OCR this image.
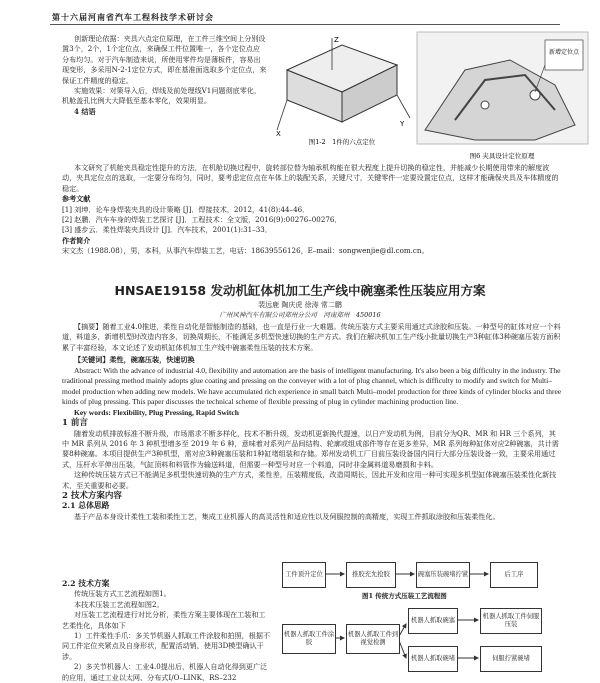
第十六届河南省汽车工程科技学术研讨会

创新理论依据：夹具六点定位原理，在工件三维空间上分别设置3个，2个，1个定位点，来确保工件位置唯一，各个定位点应分布均匀。对于汽车制造来说，所使用零件均是薄板件，容易出现变形，多采用N-2-1定位方式，即在基准面选取多个定位点，来保证工件精度的稳定。

实施效果：对策导入后，焊线及前处理线V1问题彻底零化，机舱盖孔比例大大降低至基本零化，效果明显。

4 结语

Z
X
Y
图1-2　1件的六点定位
新增定位点
图6 夹具设计定位原理

本文研究了机舱夹具稳定性提升的方法，在机舱切换过程中，旋转部位替为轴承机构能在很大程度上提升切换的稳定性，并能减少长期使用带来的解度波动，夹具定位点的选取，一定要分布均匀，同时，要考虑定位点在车体上的装配关系，关键尺寸，关键零件一定要设置定位点，这样才能确保夹具及车体精度的稳定。

参考文献

[1] 刘坤．论车身焊装夹具的设计策略 [J]．焊接技术，2012，41(8):44–46．

[2] 赵鹏．汽车车身的焊装工艺探讨 [J]．工程技术：全文版，2016(9):00276–00276．

[3] 盛步云．柔性焊装夹具设计 [J]．汽车技术，2001(1):31–33．

作者简介

宋文杰（1988.08），男，本科，从事汽车焊装工艺，电话：18639556126，E–mail：songwenjie@dl.com.cn。

HNSAE19158 发动机缸体机加工生产线中碗塞柔性压装应用方案
裴远鹿 陶庆虎 徐涛 常二鹏
广州风神汽车有限公司郑州分公司　河南郑州　450016

【摘要】随着工业4.0推进，柔性自动化是智能制造的基础，也一直是行业一大难题。传统压装方式主要采用通过式涂胶和压装。一种型号的缸体对应一个料道，料道多，新增机型时改造内容多，切换周期长，不能满足多机型快速切换的生产方式。我们在解决机加工生产线小批量切换生产3种缸体3种碗塞压装方面积累了丰富经验，本文论述了发动机缸体机加工生产线中碗塞柔性压装的技术方案。

【关键词】柔性，碗塞压装，快速切换

Abstract: With the advance of industrial 4.0, flexibility and automation are the basis of intelligent manufacturing. It's also been a big difficulty in the industry. The traditional pressing method mainly adopts glue coating and pressing on the conveyer with a lot of plug channel, which is difficulty to modify and switch for Multi–model production when adding new models. We have accumulated rich experience in small batch Multi–model production for three kinds of cylinder blocks and three kinds of plug pressing. This paper discusses the technical scheme of flexible pressing of plug in cylinder machining production line.

Key words: Flexibility, Plug Pressing, Rapid Switch

1 前言

随着发动机排放标准不断升级，市场需求不断多样化，技术不断升级，发动机更新换代提速，以日产发动机为例，目前分为QR、MR 和 HR 三个系列，其中 MR 系列从 2016 年 3 种机型增多至 2019 年 6 种，意味着对系列产品间结构、轮廓或组成部件等存在更多差异，MR 系列每种缸体对应2种碗塞，共计需要8种碗塞。本项目提供生产3种机型，需对应3种碗塞压装和1种缸堵组装和存储。郑州发动机工厂目前压装设备国内同行大部分压装设备一致，主要采用通过式，压杆水平伸出压装，气缸顶料和料管作为输送料道，但需要一种型号对应一个料道，同时非金属料道易磨损和卡料。

这种传统压装方式已不能满足多机型快速切换的生产方式，柔性差，压装精度低，改造周期长，因此开发和应用一种可实现多机型缸体碗塞压装柔性化新技术，至关重要和必要。

2 技术方案内容

2.1 总体思路

基于产品本身设计柔性工装和柔性工艺，集成工业机器人的高灵活性和适应性以及伺服控制的高精度，实现工件抓取涂胶和压装柔性化。

2.2 技术方案

传统压装方式工艺流程如图1。

本技术压装工艺流程如图2。

对压装工艺流程进行对比分析，柔性方案主要体现在工装和工艺柔性化，具体如下

1）工件柔性手爪：多关节机器人抓取工件涂胶和拍照，根据不同工件定位夹紧点及自身形状，配置活动销，使用3D模型确认干涉。

2）多关节机器人：工业4.0提出后，机器人自动化得到更广泛的应用，通过工业以太网、分布式I/O–LINK、RS–232

工件顶升定位	推胶充允抢胶	碗塞压装碗堵拧紧	后工序
图1 传统方式压装工艺流程图
机器人抓取工件涂胶
机器人抓取工件到视觉检测
机器人抓取碗塞
机器人抓取工件伺服压装
机器人抓取碗堵	伺服拧紧碗堵
